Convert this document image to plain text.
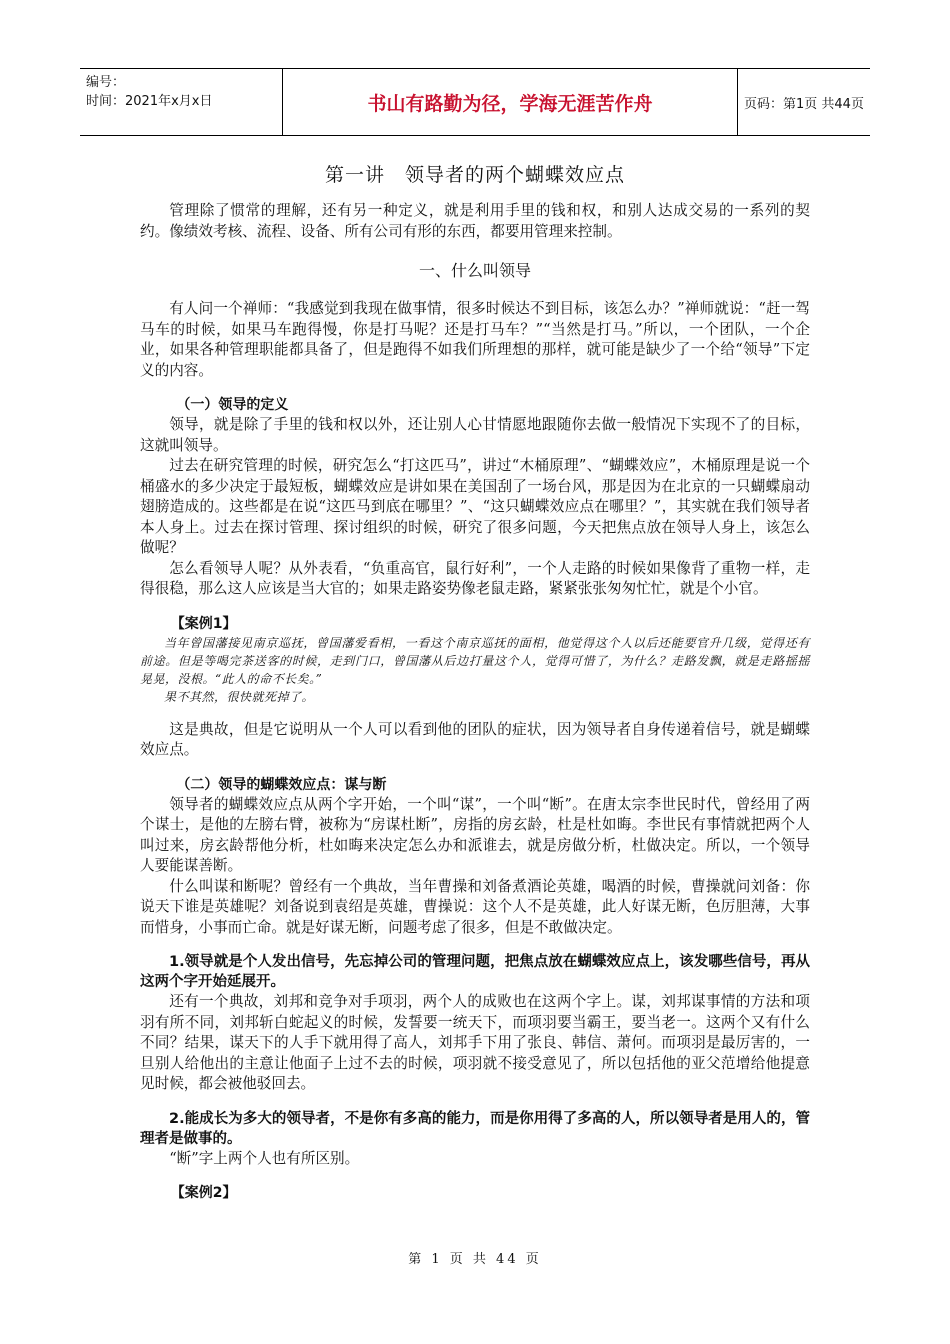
编号：
时间：2021年x月x日	书山有路勤为径，学海无涯苦作舟	页码：第1页 共44页
第一讲　领导者的两个蝴蝶效应点

管理除了惯常的理解，还有另一种定义，就是利用手里的钱和权，和别人达成交易的一系列的契约。像绩效考核、流程、设备、所有公司有形的东西，都要用管理来控制。

一、什么叫领导

有人问一个禅师：“我感觉到我现在做事情，很多时候达不到目标，该怎么办？”禅师就说：“赶一驾马车的时候，如果马车跑得慢，你是打马呢？还是打马车？”“当然是打马。”所以，一个团队，一个企业，如果各种管理职能都具备了，但是跑得不如我们所理想的那样，就可能是缺少了一个给“领导”下定义的内容。

（一）领导的定义

领导，就是除了手里的钱和权以外，还让别人心甘情愿地跟随你去做一般情况下实现不了的目标，这就叫领导。

过去在研究管理的时候，研究怎么“打这匹马”，讲过“木桶原理”、“蝴蝶效应”，木桶原理是说一个桶盛水的多少决定于最短板，蝴蝶效应是讲如果在美国刮了一场台风，那是因为在北京的一只蝴蝶扇动翅膀造成的。这些都是在说“这匹马到底在哪里？”、“这只蝴蝶效应点在哪里？”，其实就在我们领导者本人身上。过去在探讨管理、探讨组织的时候，研究了很多问题，今天把焦点放在领导人身上，该怎么做呢？

怎么看领导人呢？从外表看，“负重高官，鼠行好利”，一个人走路的时候如果像背了重物一样，走得很稳，那么这人应该是当大官的；如果走路姿势像老鼠走路，紧紧张张匆匆忙忙，就是个小官。

【案例1】

当年曾国藩接见南京巡抚，曾国藩爱看相，一看这个南京巡抚的面相，他觉得这个人以后还能要官升几级，觉得还有前途。但是等喝完茶送客的时候，走到门口，曾国藩从后边打量这个人，觉得可惜了，为什么？走路发飘，就是走路摇摇晃晃，没根。“此人的命不长矣。”

果不其然，很快就死掉了。

这是典故，但是它说明从一个人可以看到他的团队的症状，因为领导者自身传递着信号，就是蝴蝶效应点。

（二）领导的蝴蝶效应点：谋与断

领导者的蝴蝶效应点从两个字开始，一个叫“谋”，一个叫“断”。在唐太宗李世民时代，曾经用了两个谋士，是他的左膀右臂，被称为“房谋杜断”，房指的房玄龄，杜是杜如晦。李世民有事情就把两个人叫过来，房玄龄帮他分析，杜如晦来决定怎么办和派谁去，就是房做分析，杜做决定。所以，一个领导人要能谋善断。

什么叫谋和断呢？曾经有一个典故，当年曹操和刘备煮酒论英雄，喝酒的时候，曹操就问刘备：你说天下谁是英雄呢？刘备说到袁绍是英雄，曹操说：这个人不是英雄，此人好谋无断，色厉胆薄，大事而惜身，小事而亡命。就是好谋无断，问题考虑了很多，但是不敢做决定。

1.领导就是个人发出信号，先忘掉公司的管理问题，把焦点放在蝴蝶效应点上，该发哪些信号，再从这两个字开始延展开。

还有一个典故，刘邦和竞争对手项羽，两个人的成败也在这两个字上。谋，刘邦谋事情的方法和项羽有所不同，刘邦斩白蛇起义的时候，发誓要一统天下，而项羽要当霸王，要当老一。这两个又有什么不同？结果，谋天下的人手下就用得了高人，刘邦手下用了张良、韩信、萧何。而项羽是最厉害的，一旦别人给他出的主意让他面子上过不去的时候，项羽就不接受意见了，所以包括他的亚父范增给他提意见时候，都会被他驳回去。

2.能成长为多大的领导者，不是你有多高的能力，而是你用得了多高的人，所以领导者是用人的，管理者是做事的。

“断”字上两个人也有所区别。

【案例2】
第 1 页 共 44 页
